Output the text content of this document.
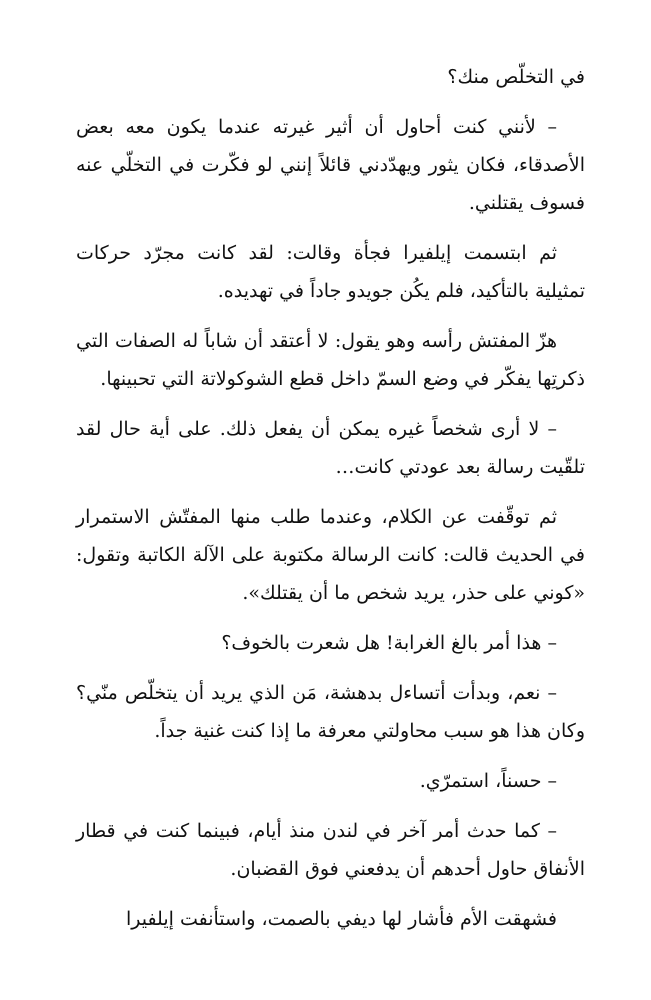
في التخلّص منك؟

– لأنني كنت أحاول أن أثير غيرته عندما يكون معه بعض الأصدقاء، فكان يثور ويهدّدني قائلاً إنني لو فكّرت في التخلّي عنه فسوف يقتلني.

ثم ابتسمت إيلفيرا فجأة وقالت: لقد كانت مجرّد حركات تمثيلية بالتأكيد، فلم يكُن جويدو جاداً في تهديده.

هزّ المفتش رأسه وهو يقول: لا أعتقد أن شاباً له الصفات التي ذكرتِها يفكّر في وضع السمّ داخل قطع الشوكولاتة التي تحبينها.

– لا أرى شخصاً غيره يمكن أن يفعل ذلك. على أية حال لقد تلقّيت رسالة بعد عودتي كانت…

ثم توقّفت عن الكلام، وعندما طلب منها المفتّش الاستمرار في الحديث قالت: كانت الرسالة مكتوبة على الآلة الكاتبة وتقول: «كوني على حذر، يريد شخص ما أن يقتلك».

– هذا أمر بالغ الغرابة! هل شعرت بالخوف؟

– نعم، وبدأت أتساءل بدهشة، مَن الذي يريد أن يتخلّص منّي؟ وكان هذا هو سبب محاولتي معرفة ما إذا كنت غنية جداً.

– حسناً، استمرّي.

– كما حدث أمر آخر في لندن منذ أيام، فبينما كنت في قطار الأنفاق حاول أحدهم أن يدفعني فوق القضبان.

فشهقت الأم فأشار لها ديفي بالصمت، واستأنفت إيلفيرا
